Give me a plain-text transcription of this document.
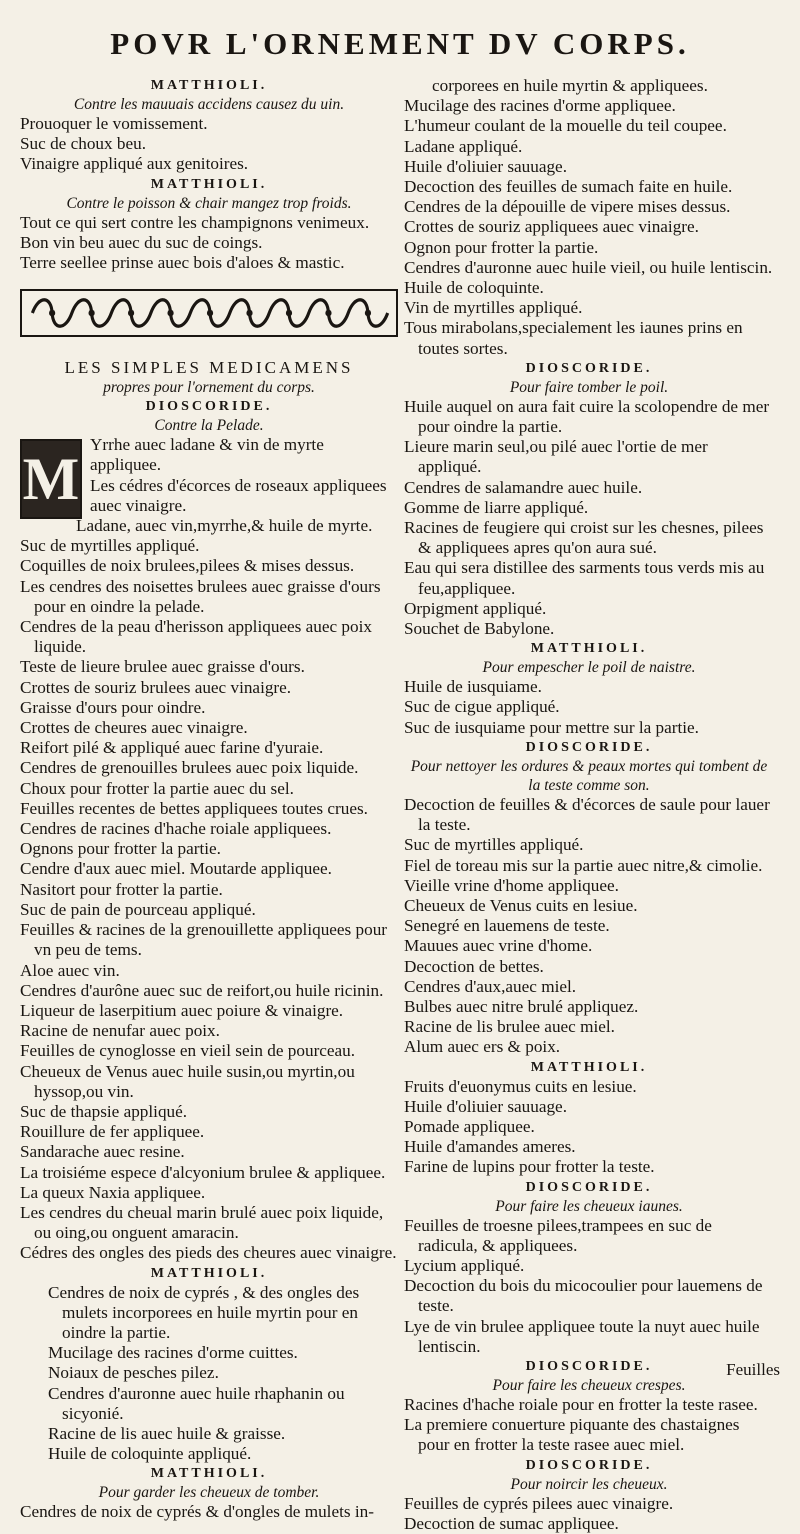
POVR L'ORNEMENT DV CORPS.
MATTHIOLI.
Contre les mauuais accidens causez du uin.
Prouoquer le vomissement.
Suc de choux beu.
Vinaigre appliqué aux genitoires.
MATTHIOLI.
Contre le poisson & chair mangez trop froids.
Tout ce qui sert contre les champignons venimeux.
Bon vin beu auec du suc de coings.
Terre seellee prinse auec bois d'aloes & mastic.
LES SIMPLES MEDICAMENS
propres pour l'ornement du corps.
DIOSCORIDE.
Contre la Pelade.
M
Yrrhe auec ladane & vin de myrte appliquee.
Les cédres d'écorces de roseaux appliquees auec vinaigre.
Ladane, auec vin,myrrhe,& huile de myrte.
Suc de myrtilles appliqué.
Coquilles de noix brulees,pilees & mises dessus.
Les cendres des noisettes brulees auec graisse d'ours pour en oindre la pelade.
Cendres de la peau d'herisson appliquees auec poix liquide.
Teste de lieure brulee auec graisse d'ours.
Crottes de souriz brulees auec vinaigre.
Graisse d'ours pour oindre.
Crottes de cheures auec vinaigre.
Reifort pilé & appliqué auec farine d'yuraie.
Cendres de grenouilles brulees auec poix liquide.
Choux pour frotter la partie auec du sel.
Feuilles recentes de bettes appliquees toutes crues.
Cendres de racines d'hache roiale appliquees.
Ognons pour frotter la partie.
Cendre d'aux auec miel. Moutarde appliquee.
Nasitort pour frotter la partie.
Suc de pain de pourceau appliqué.
Feuilles & racines de la grenouillette appliquees pour vn peu de tems.
Aloe auec vin.
Cendres d'aurône auec suc de reifort,ou huile ricinin.
Liqueur de laserpitium auec poiure & vinaigre.
Racine de nenufar auec poix.
Feuilles de cynoglosse en vieil sein de pourceau.
Cheueux de Venus auec huile susin,ou myrtin,ou hyssop,ou vin.
Suc de thapsie appliqué.
Rouillure de fer appliquee.
Sandarache auec resine.
La troisiéme espece d'alcyonium brulee & appliquee.
La queux Naxia appliquee.
Les cendres du cheual marin brulé auec poix liquide, ou oing,ou onguent amaracin.
Cédres des ongles des pieds des cheures auec vinaigre.
MATTHIOLI.
Cendres de noix de cyprés , & des ongles des mulets incorporees en huile myrtin pour en oindre la partie.
Mucilage des racines d'orme cuittes.
Noiaux de pesches pilez.
Cendres d'auronne auec huile rhaphanin ou sicyonié.
Racine de lis auec huile & graisse.
Huile de coloquinte appliqué.
MATTHIOLI.
Pour garder les cheueux de tomber.
Cendres de noix de cyprés & d'ongles de mulets in-
corporees en huile myrtin & appliquees.
Mucilage des racines d'orme appliquee.
L'humeur coulant de la mouelle du teil coupee.
Ladane appliqué.
Huile d'oliuier sauuage.
Decoction des feuilles de sumach faite en huile.
Cendres de la dépouille de vipere mises dessus.
Crottes de souriz appliquees auec vinaigre.
Ognon pour frotter la partie.
Cendres d'auronne auec huile vieil, ou huile lentiscin.
Huile de coloquinte.
Vin de myrtilles appliqué.
Tous mirabolans,specialement les iaunes prins en toutes sortes.
DIOSCORIDE.
Pour faire tomber le poil.
Huile auquel on aura fait cuire la scolopendre de mer pour oindre la partie.
Lieure marin seul,ou pilé auec l'ortie de mer appliqué.
Cendres de salamandre auec huile.
Gomme de liarre appliqué.
Racines de feugiere qui croist sur les chesnes, pilees & appliquees apres qu'on aura sué.
Eau qui sera distillee des sarments tous verds mis au feu,appliquee.
Orpigment appliqué.
Souchet de Babylone.
MATTHIOLI.
Pour empescher le poil de naistre.
Huile de iusquiame.
Suc de cigue appliqué.
Suc de iusquiame pour mettre sur la partie.
DIOSCORIDE.
Pour nettoyer les ordures & peaux mortes qui tombent de la teste comme son.
Decoction de feuilles & d'écorces de saule pour lauer la teste.
Suc de myrtilles appliqué.
Fiel de toreau mis sur la partie auec nitre,& cimolie.
Vieille vrine d'home appliquee.
Cheueux de Venus cuits en lesiue.
Senegré en lauemens de teste.
Mauues auec vrine d'home.
Decoction de bettes.
Cendres d'aux,auec miel.
Bulbes auec nitre brulé appliquez.
Racine de lis brulee auec miel.
Alum auec ers & poix.
MATTHIOLI.
Fruits d'euonymus cuits en lesiue.
Huile d'oliuier sauuage.
Pomade appliquee.
Huile d'amandes ameres.
Farine de lupins pour frotter la teste.
DIOSCORIDE.
Pour faire les cheueux iaunes.
Feuilles de troesne pilees,trampees en suc de radicula, & appliquees.
Lycium appliqué.
Decoction du bois du micocoulier pour lauemens de teste.
Lye de vin brulee appliquee toute la nuyt auec huile lentiscin.
DIOSCORIDE.
Pour faire les cheueux crespes.
Racines d'hache roiale pour en frotter la teste rasee.
La premiere conuerture piquante des chastaignes pour en frotter la teste rasee auec miel.
DIOSCORIDE.
Pour noircir les cheueux.
Feuilles de cyprés pilees auec vinaigre.
Decoction de sumac appliquee.
Feuilles
